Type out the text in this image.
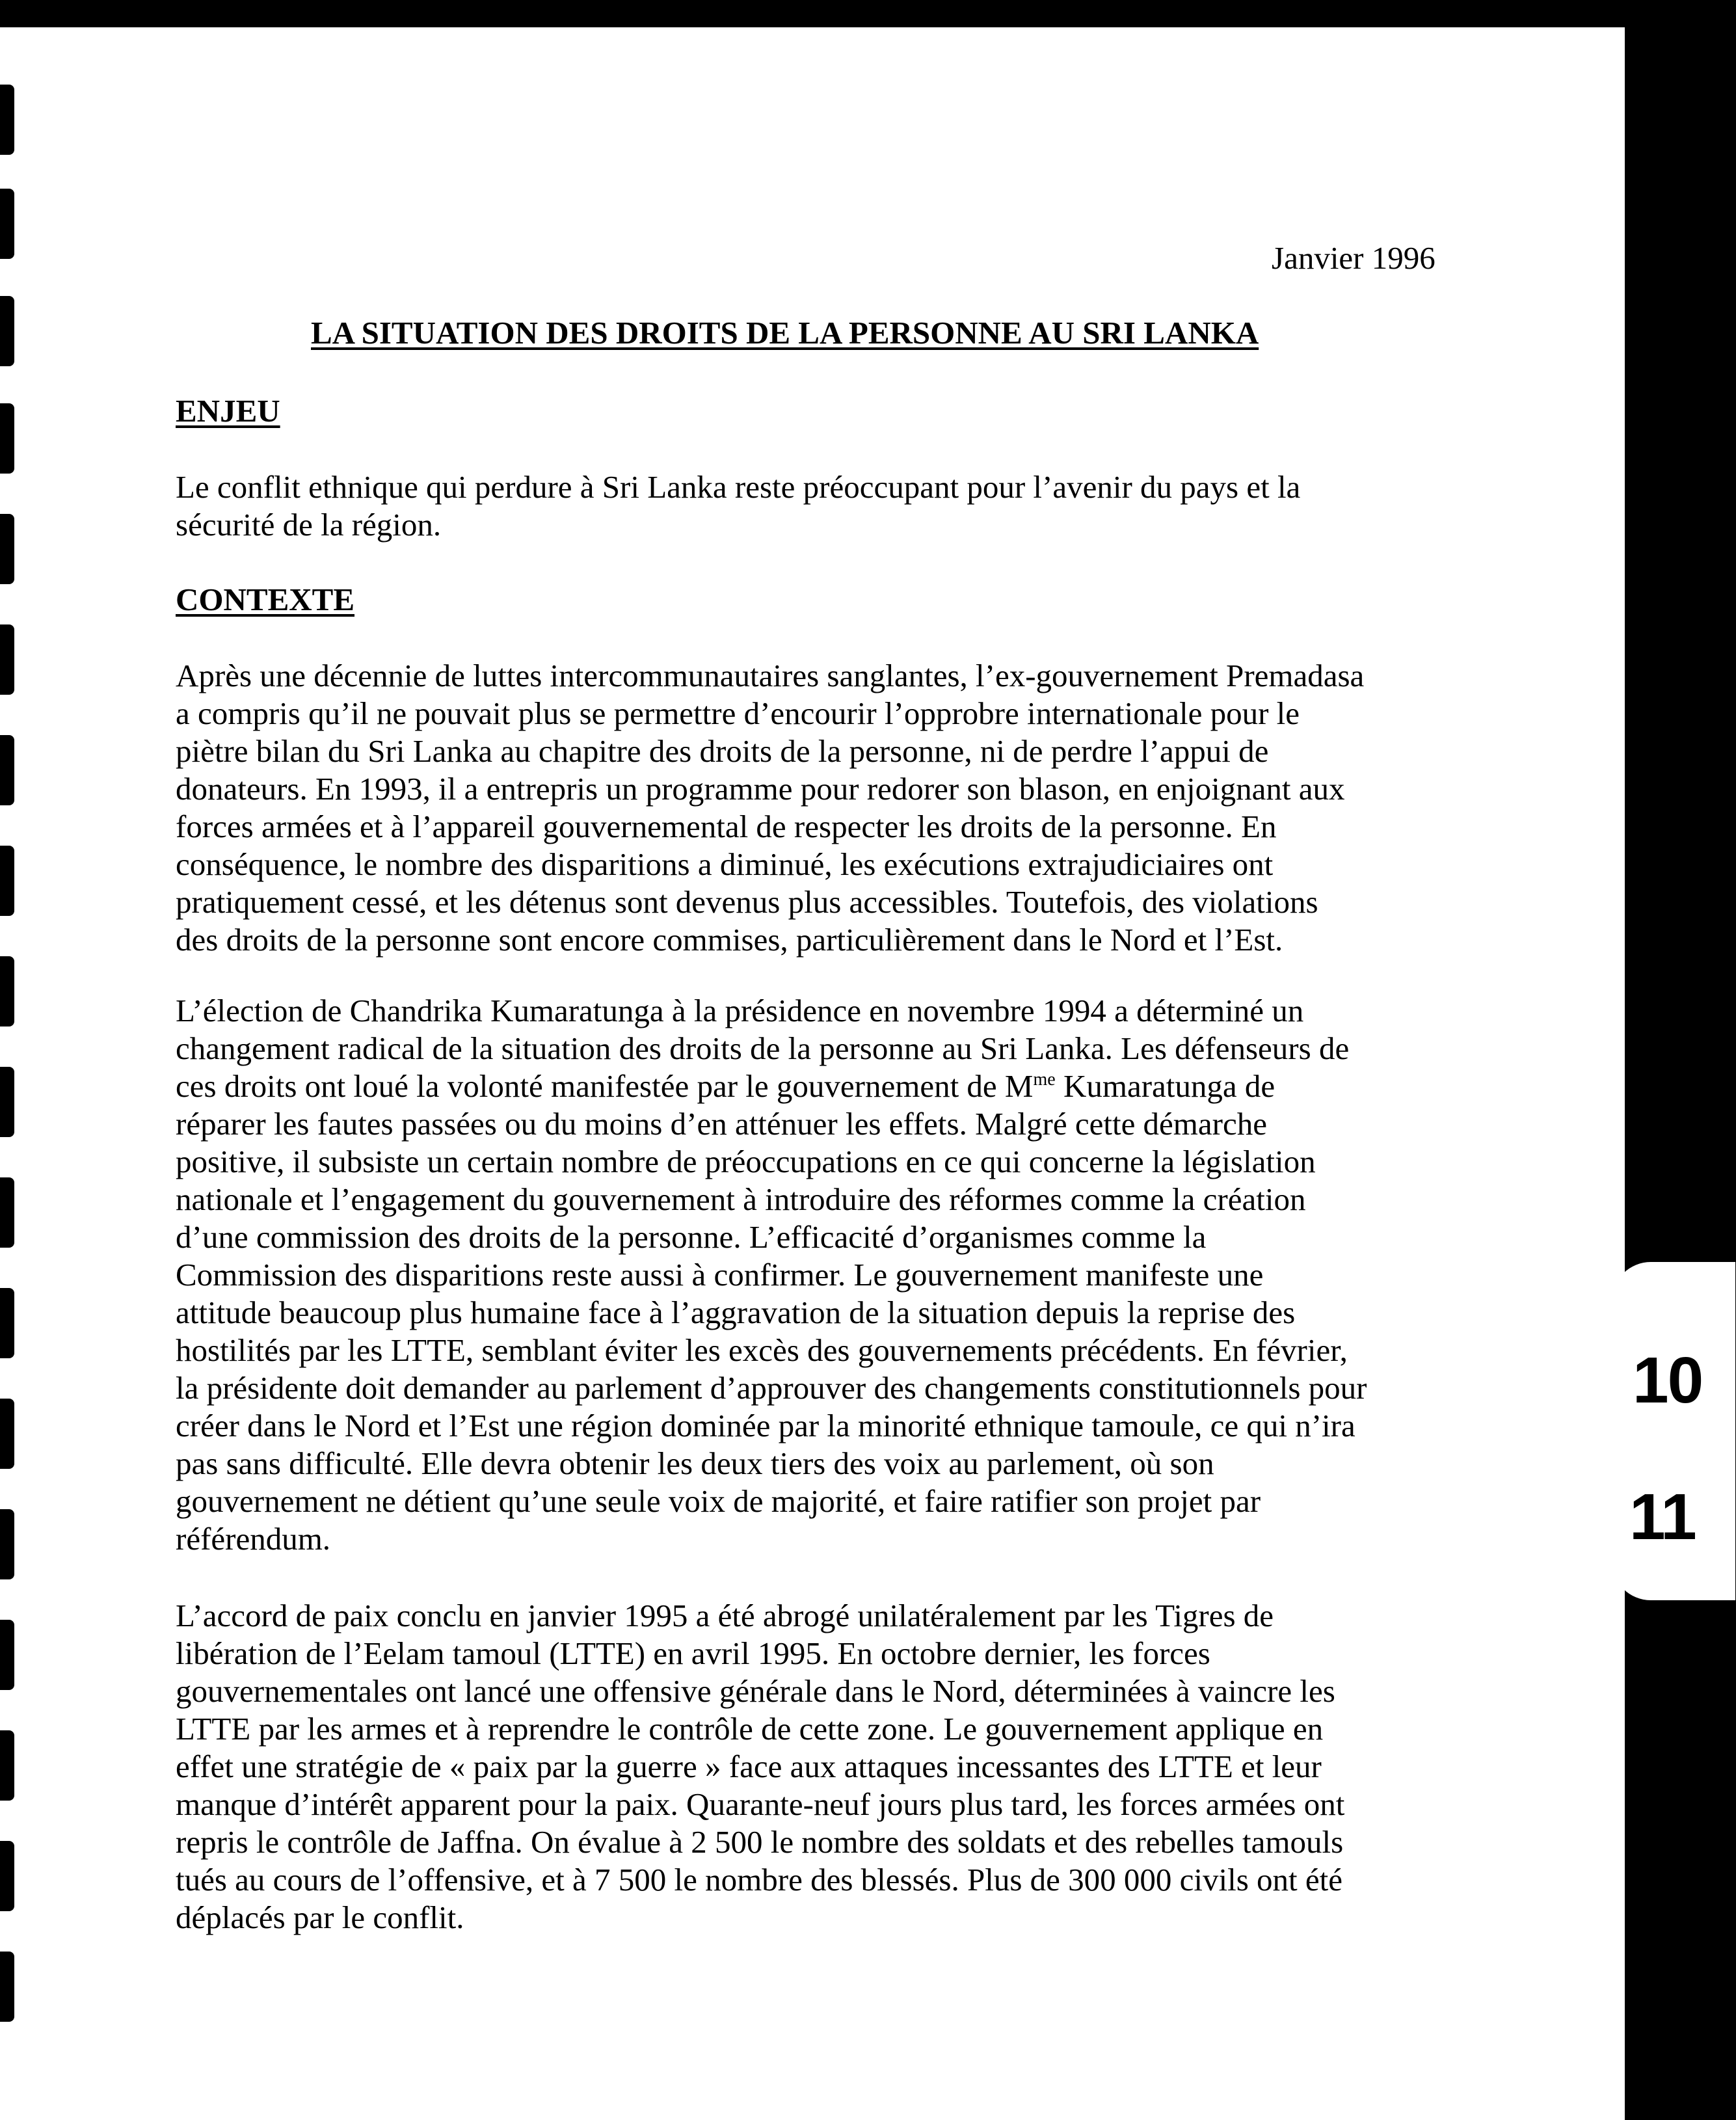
10
11
Janvier 1996
LA SITUATION DES DROITS DE LA PERSONNE AU SRI LANKA
ENJEU
Le conflit ethnique qui perdure à Sri Lanka reste préoccupant pour l’avenir du pays et la
sécurité de la région.
CONTEXTE
Après une décennie de luttes intercommunautaires sanglantes, l’ex-gouvernement Premadasa
a compris qu’il ne pouvait plus se permettre d’encourir l’opprobre internationale pour le
piètre bilan du Sri Lanka au chapitre des droits de la personne, ni de perdre l’appui de
donateurs. En 1993, il a entrepris un programme pour redorer son blason, en enjoignant aux
forces armées et à l’appareil gouvernemental de respecter les droits de la personne. En
conséquence, le nombre des disparitions a diminué, les exécutions extrajudiciaires ont
pratiquement cessé, et les détenus sont devenus plus accessibles. Toutefois, des violations
des droits de la personne sont encore commises, particulièrement dans le Nord et l’Est.
L’élection de Chandrika Kumaratunga à la présidence en novembre 1994 a déterminé un
changement radical de la situation des droits de la personne au Sri Lanka. Les défenseurs de
ces droits ont loué la volonté manifestée par le gouvernement de $M^{me}$ Kumaratunga de
réparer les fautes passées ou du moins d’en atténuer les effets. Malgré cette démarche
positive, il subsiste un certain nombre de préoccupations en ce qui concerne la législation
nationale et l’engagement du gouvernement à introduire des réformes comme la création
d’une commission des droits de la personne. L’efficacité d’organismes comme la
Commission des disparitions reste aussi à confirmer. Le gouvernement manifeste une
attitude beaucoup plus humaine face à l’aggravation de la situation depuis la reprise des
hostilités par les LTTE, semblant éviter les excès des gouvernements précédents. En février,
la présidente doit demander au parlement d’approuver des changements constitutionnels pour
créer dans le Nord et l’Est une région dominée par la minorité ethnique tamoule, ce qui n’ira
pas sans difficulté. Elle devra obtenir les deux tiers des voix au parlement, où son
gouvernement ne détient qu’une seule voix de majorité, et faire ratifier son projet par
référendum.
L’accord de paix conclu en janvier 1995 a été abrogé unilatéralement par les Tigres de
libération de l’Eelam tamoul (LTTE) en avril 1995. En octobre dernier, les forces
gouvernementales ont lancé une offensive générale dans le Nord, déterminées à vaincre les
LTTE par les armes et à reprendre le contrôle de cette zone. Le gouvernement applique en
effet une stratégie de « paix par la guerre » face aux attaques incessantes des LTTE et leur
manque d’intérêt apparent pour la paix. Quarante-neuf jours plus tard, les forces armées ont
repris le contrôle de Jaffna. On évalue à 2 500 le nombre des soldats et des rebelles tamouls
tués au cours de l’offensive, et à 7 500 le nombre des blessés. Plus de 300 000 civils ont été
déplacés par le conflit.
